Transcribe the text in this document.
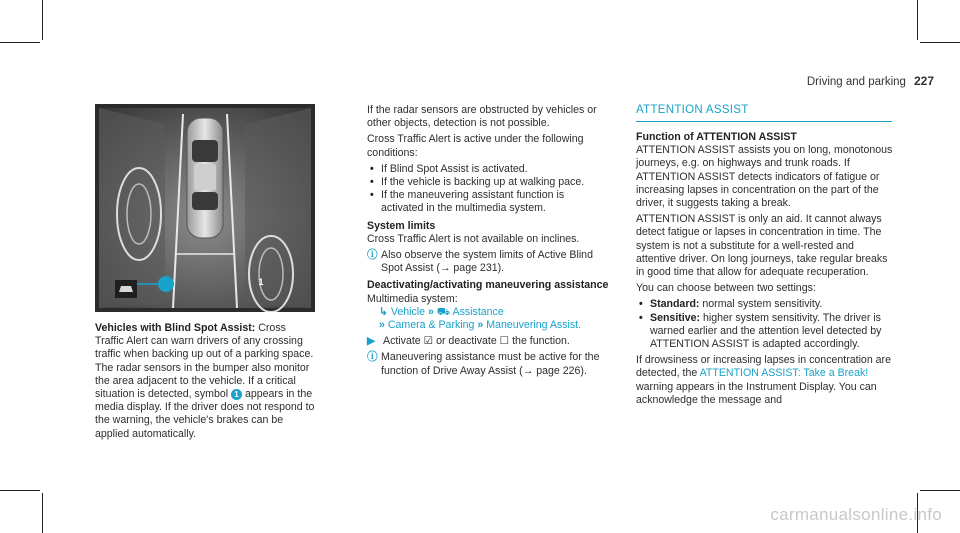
Driving and parking 227
1

Vehicles with Blind Spot Assist: Cross Traffic Alert can warn drivers of any crossing traffic when backing up out of a parking space. The radar sensors in the bumper also monitor the area adjacent to the vehicle. If a critical situation is detected, symbol 1 appears in the media display. If the driver does not respond to the warning, the vehicle's brakes can be applied automatically.

If the radar sensors are obstructed by vehicles or other objects, detection is not possible.

Cross Traffic Alert is active under the following conditions:

• If Blind Spot Assist is activated.
• If the vehicle is backing up at walking pace.
• If the maneuvering assistant function is activated in the multimedia system.
System limits

Cross Traffic Alert is not available on inclines.

ⓘ Also observe the system limits of Active Blind Spot Assist (→ page 231).

Deactivating/activating maneuvering assistance

Multimedia system:

↳ Vehicle » ⛟ Assistance

» Camera & Parking » Maneuvering Assist.

▶ Activate ☑ or deactivate ☐ the function.

ⓘ Maneuvering assistance must be active for the function of Drive Away Assist (→ page 226).

ATTENTION ASSIST
Function of ATTENTION ASSIST

ATTENTION ASSIST assists you on long, monotonous journeys, e.g. on highways and trunk roads. If ATTENTION ASSIST detects indicators of fatigue or increasing lapses in concentration on the part of the driver, it suggests taking a break.

ATTENTION ASSIST is only an aid. It cannot always detect fatigue or lapses in concentration in time. The system is not a substitute for a well-rested and attentive driver. On long journeys, take regular breaks in good time that allow for adequate recuperation.

You can choose between two settings:

• Standard: normal system sensitivity.
• Sensitive: higher system sensitivity. The driver is warned earlier and the attention level detected by ATTENTION ASSIST is adapted accordingly.

If drowsiness or increasing lapses in concentration are detected, the ATTENTION ASSIST: Take a Break! warning appears in the Instrument Display. You can acknowledge the message and

carmanualsonline.info
